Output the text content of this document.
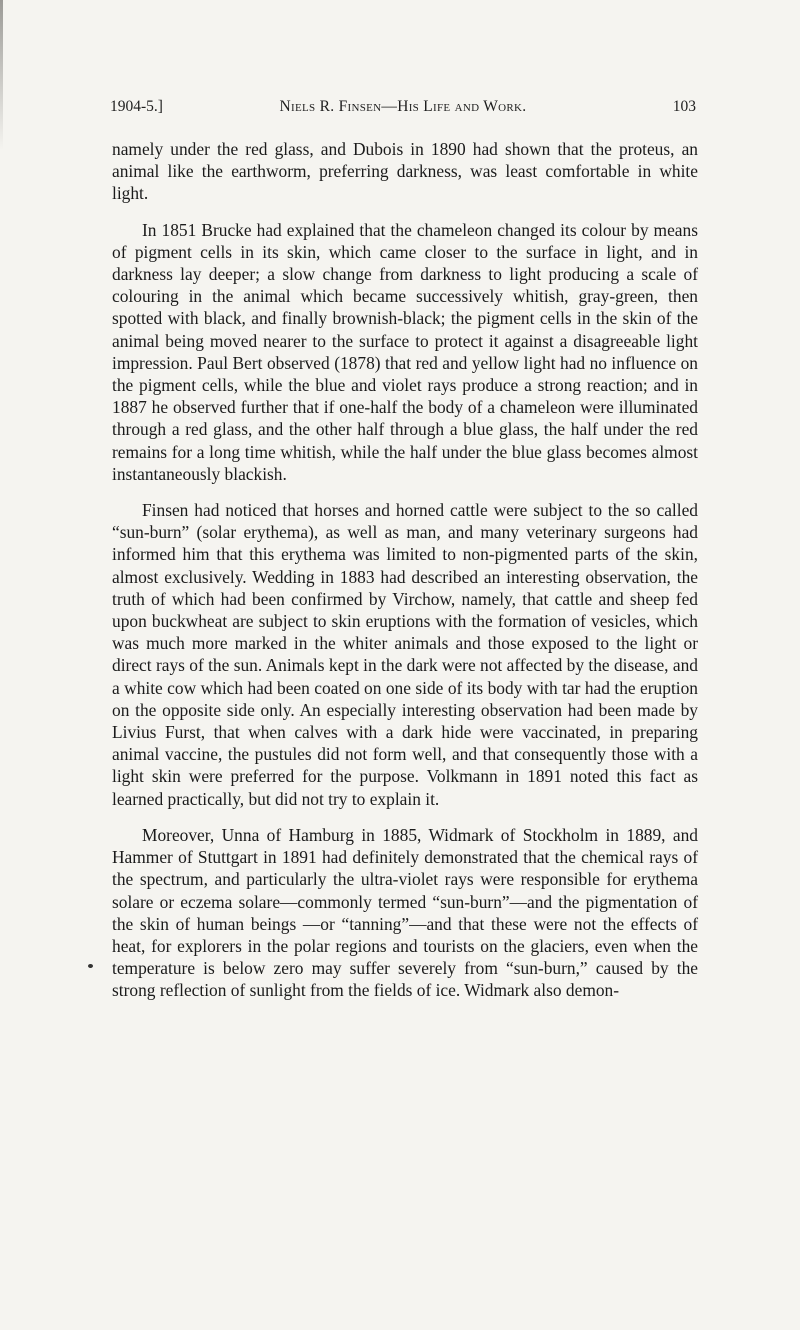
1904-5.]	Niels R. Finsen—His Life and Work.	103

namely under the red glass, and Dubois in 1890 had shown that the proteus, an animal like the earthworm, preferring darkness, was least comfortable in white light.

In 1851 Brucke had explained that the chameleon changed its colour by means of pigment cells in its skin, which came closer to the surface in light, and in darkness lay deeper; a slow change from darkness to light producing a scale of colouring in the animal which became successively whitish, gray-green, then spotted with black, and finally brownish-black; the pigment cells in the skin of the animal being moved nearer to the surface to protect it against a disagreeable light impression. Paul Bert observed (1878) that red and yellow light had no influence on the pigment cells, while the blue and violet rays produce a strong reaction; and in 1887 he observed further that if one-half the body of a chameleon were illuminated through a red glass, and the other half through a blue glass, the half under the red remains for a long time whitish, while the half under the blue glass becomes almost instantaneously blackish.

Finsen had noticed that horses and horned cattle were subject to the so called “sun-burn” (solar erythema), as well as man, and many veterinary surgeons had informed him that this erythema was limited to non-pigmented parts of the skin, almost exclusively. Wedding in 1883 had described an interesting observation, the truth of which had been confirmed by Virchow, namely, that cattle and sheep fed upon buckwheat are subject to skin eruptions with the formation of vesicles, which was much more marked in the whiter animals and those exposed to the light or direct rays of the sun. Animals kept in the dark were not affected by the disease, and a white cow which had been coated on one side of its body with tar had the eruption on the opposite side only. An especially interesting observation had been made by Livius Furst, that when calves with a dark hide were vaccinated, in preparing animal vaccine, the pustules did not form well, and that consequently those with a light skin were preferred for the purpose. Volkmann in 1891 noted this fact as learned practically, but did not try to explain it.

Moreover, Unna of Hamburg in 1885, Widmark of Stockholm in 1889, and Hammer of Stuttgart in 1891 had definitely demonstrated that the chemical rays of the spectrum, and particularly the ultra-violet rays were responsible for erythema solare or eczema solare—commonly termed “sun-burn”—and the pigmentation of the skin of human beings —or “tanning”—and that these were not the effects of heat, for explorers in the polar regions and tourists on the glaciers, even when the temperature is below zero may suffer severely from “sun-burn,” caused by the strong reflection of sunlight from the fields of ice. Widmark also demon-
